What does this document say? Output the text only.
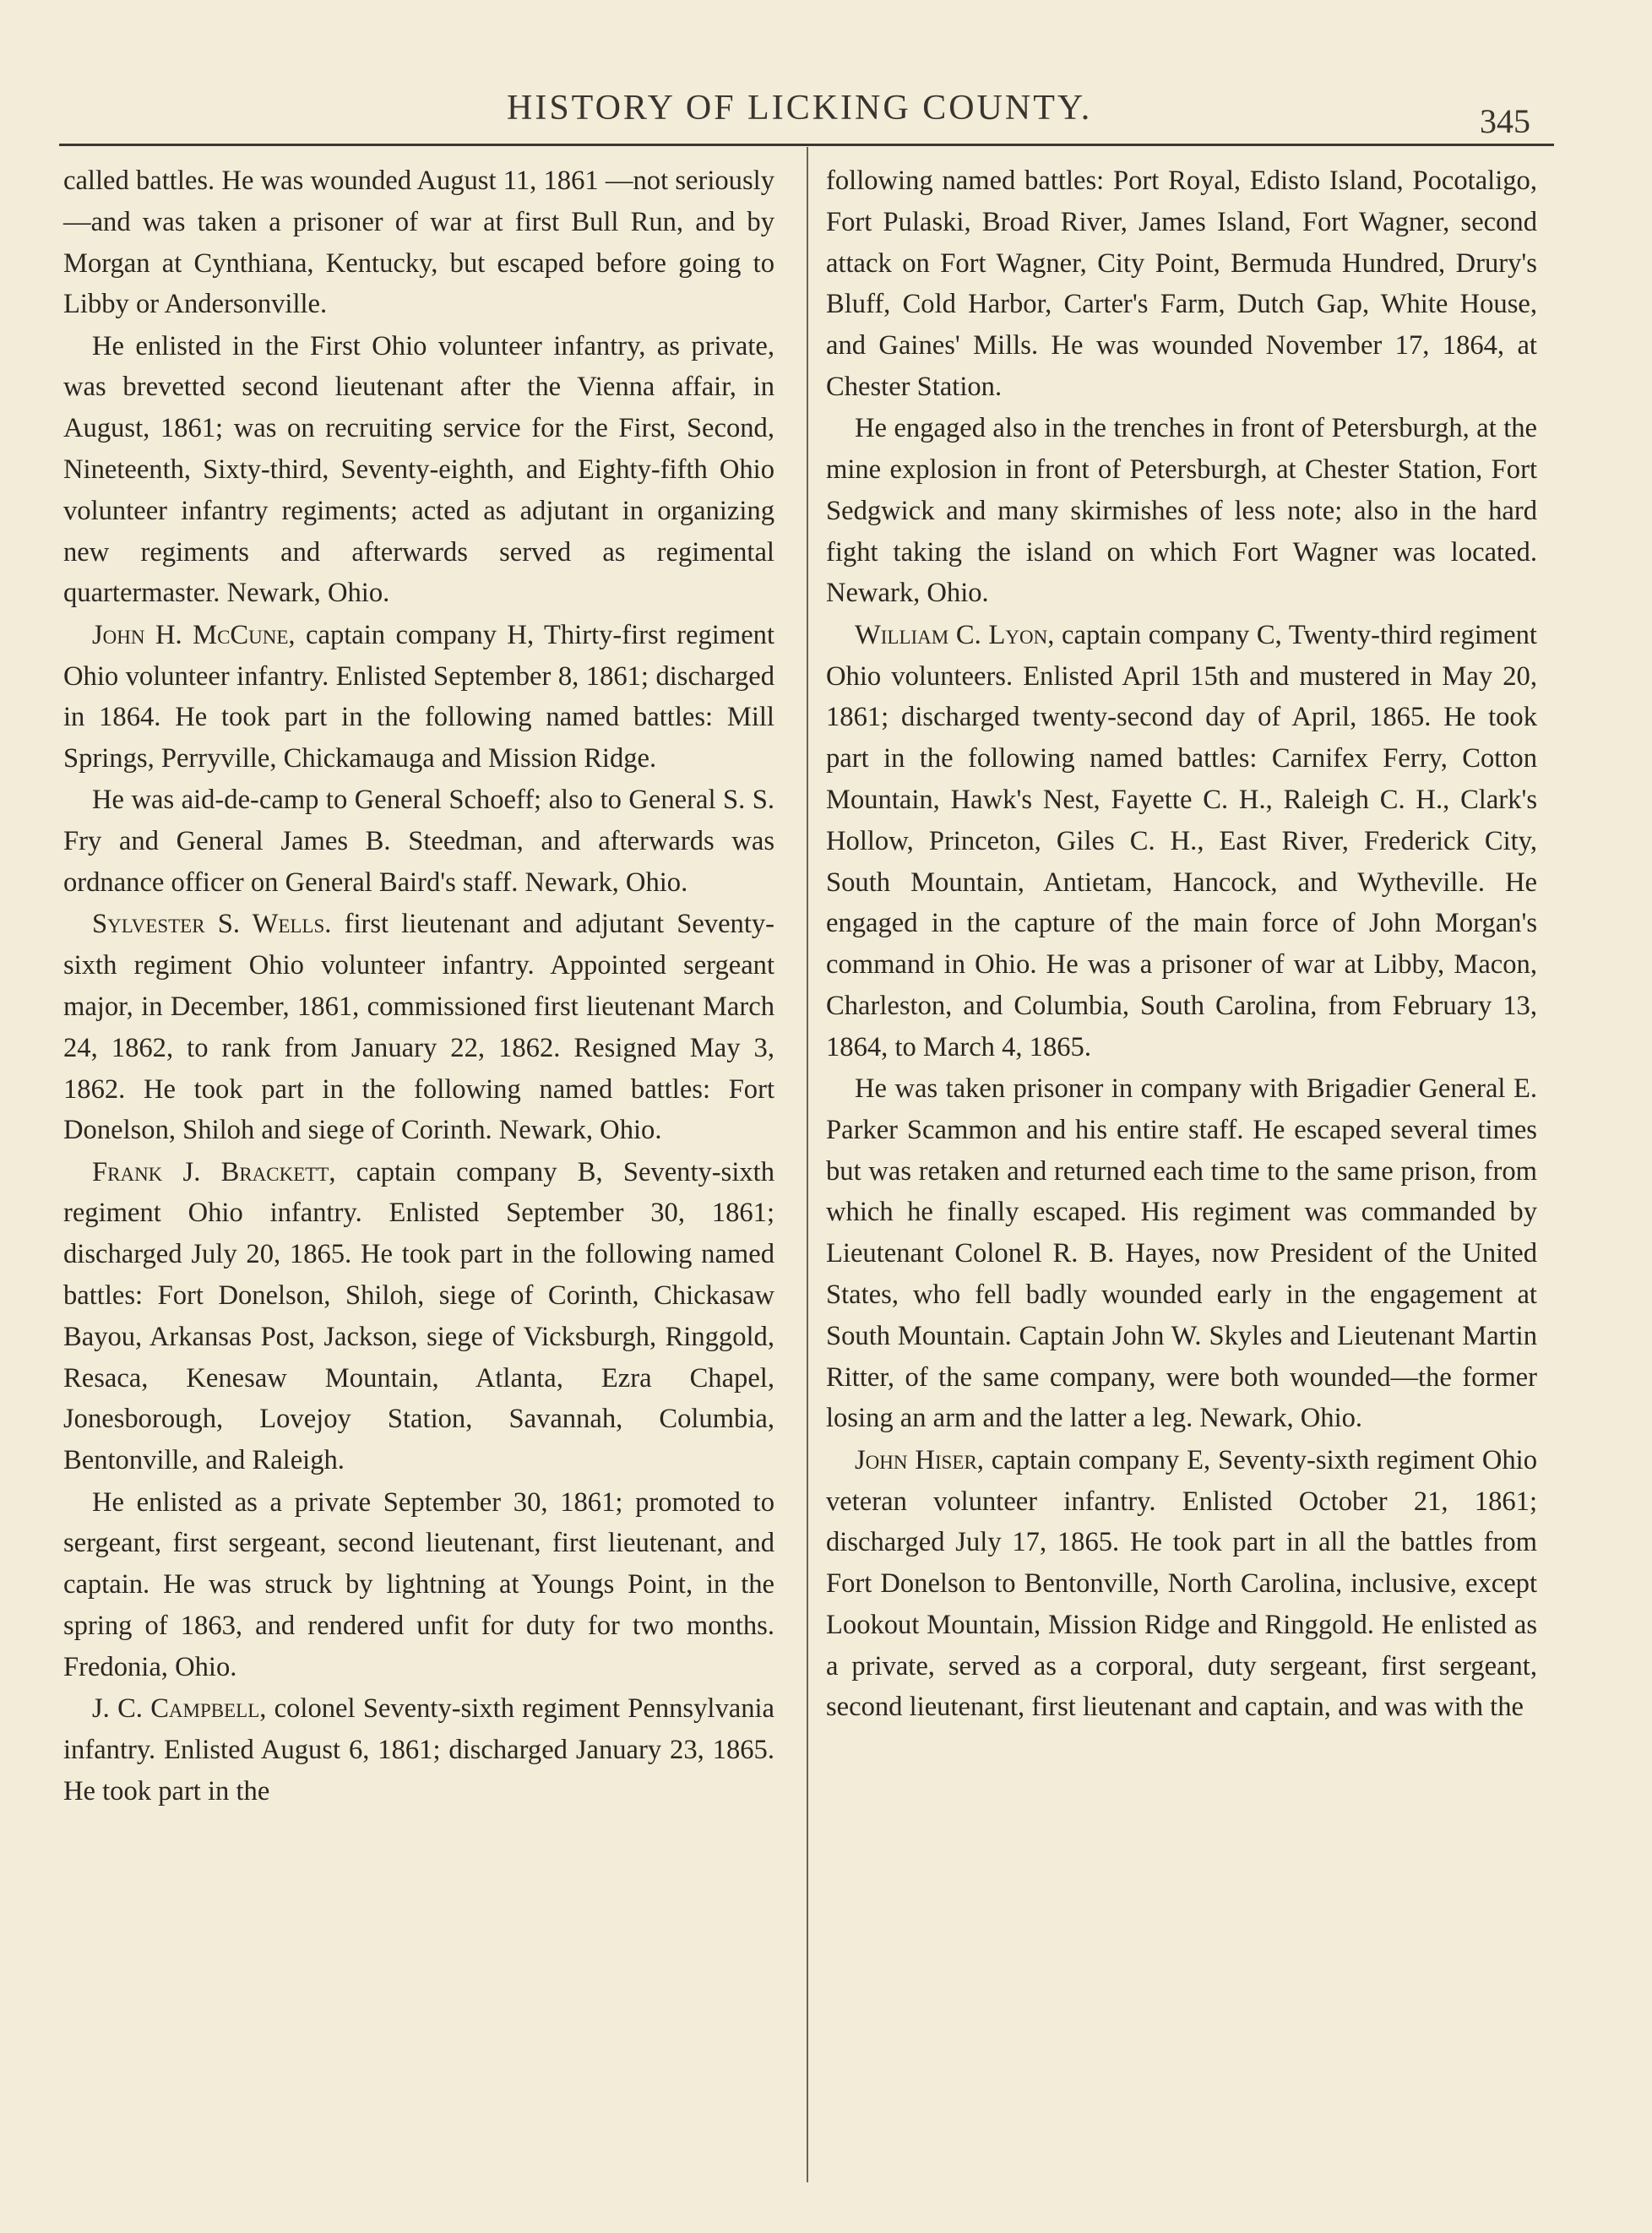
HISTORY OF LICKING COUNTY.	345

called battles. He was wounded August 11, 1861 —not seriously—and was taken a prisoner of war at first Bull Run, and by Morgan at Cynthiana, Kentucky, but escaped before going to Libby or Andersonville.

He enlisted in the First Ohio volunteer infantry, as private, was brevetted second lieutenant after the Vienna affair, in August, 1861; was on recruiting service for the First, Second, Nineteenth, Sixty-third, Seventy-eighth, and Eighty-fifth Ohio volunteer infantry regiments; acted as adjutant in organizing new regiments and afterwards served as regimental quartermaster. Newark, Ohio.

John H. McCune, captain company H, Thirty-first regiment Ohio volunteer infantry. Enlisted September 8, 1861; discharged in 1864. He took part in the following named battles: Mill Springs, Perryville, Chickamauga and Mission Ridge.

He was aid-de-camp to General Schoeff; also to General S. S. Fry and General James B. Steedman, and afterwards was ordnance officer on General Baird's staff. Newark, Ohio.

Sylvester S. Wells. first lieutenant and adjutant Seventy-sixth regiment Ohio volunteer infantry. Appointed sergeant major, in December, 1861, commissioned first lieutenant March 24, 1862, to rank from January 22, 1862. Resigned May 3, 1862. He took part in the following named battles: Fort Donelson, Shiloh and siege of Corinth. Newark, Ohio.

Frank J. Brackett, captain company B, Seventy-sixth regiment Ohio infantry. Enlisted September 30, 1861; discharged July 20, 1865. He took part in the following named battles: Fort Donelson, Shiloh, siege of Corinth, Chickasaw Bayou, Arkansas Post, Jackson, siege of Vicksburgh, Ringgold, Resaca, Kenesaw Mountain, Atlanta, Ezra Chapel, Jonesborough, Lovejoy Station, Savannah, Columbia, Bentonville, and Raleigh.

He enlisted as a private September 30, 1861; promoted to sergeant, first sergeant, second lieutenant, first lieutenant, and captain. He was struck by lightning at Youngs Point, in the spring of 1863, and rendered unfit for duty for two months. Fredonia, Ohio.

J. C. Campbell, colonel Seventy-sixth regiment Pennsylvania infantry. Enlisted August 6, 1861; discharged January 23, 1865. He took part in the

following named battles: Port Royal, Edisto Island, Pocotaligo, Fort Pulaski, Broad River, James Island, Fort Wagner, second attack on Fort Wagner, City Point, Bermuda Hundred, Drury's Bluff, Cold Harbor, Carter's Farm, Dutch Gap, White House, and Gaines' Mills. He was wounded November 17, 1864, at Chester Station.

He engaged also in the trenches in front of Petersburgh, at the mine explosion in front of Petersburgh, at Chester Station, Fort Sedgwick and many skirmishes of less note; also in the hard fight taking the island on which Fort Wagner was located. Newark, Ohio.

William C. Lyon, captain company C, Twenty-third regiment Ohio volunteers. Enlisted April 15th and mustered in May 20, 1861; discharged twenty-second day of April, 1865. He took part in the following named battles: Carnifex Ferry, Cotton Mountain, Hawk's Nest, Fayette C. H., Raleigh C. H., Clark's Hollow, Princeton, Giles C. H., East River, Frederick City, South Mountain, Antietam, Hancock, and Wytheville. He engaged in the capture of the main force of John Morgan's command in Ohio. He was a prisoner of war at Libby, Macon, Charleston, and Columbia, South Carolina, from February 13, 1864, to March 4, 1865.

He was taken prisoner in company with Brigadier General E. Parker Scammon and his entire staff. He escaped several times but was retaken and returned each time to the same prison, from which he finally escaped. His regiment was commanded by Lieutenant Colonel R. B. Hayes, now President of the United States, who fell badly wounded early in the engagement at South Mountain. Captain John W. Skyles and Lieutenant Martin Ritter, of the same company, were both wounded—the former losing an arm and the latter a leg. Newark, Ohio.

John Hiser, captain company E, Seventy-sixth regiment Ohio veteran volunteer infantry. Enlisted October 21, 1861; discharged July 17, 1865. He took part in all the battles from Fort Donelson to Bentonville, North Carolina, inclusive, except Lookout Mountain, Mission Ridge and Ringgold. He enlisted as a private, served as a corporal, duty sergeant, first sergeant, second lieutenant, first lieutenant and captain, and was with the
